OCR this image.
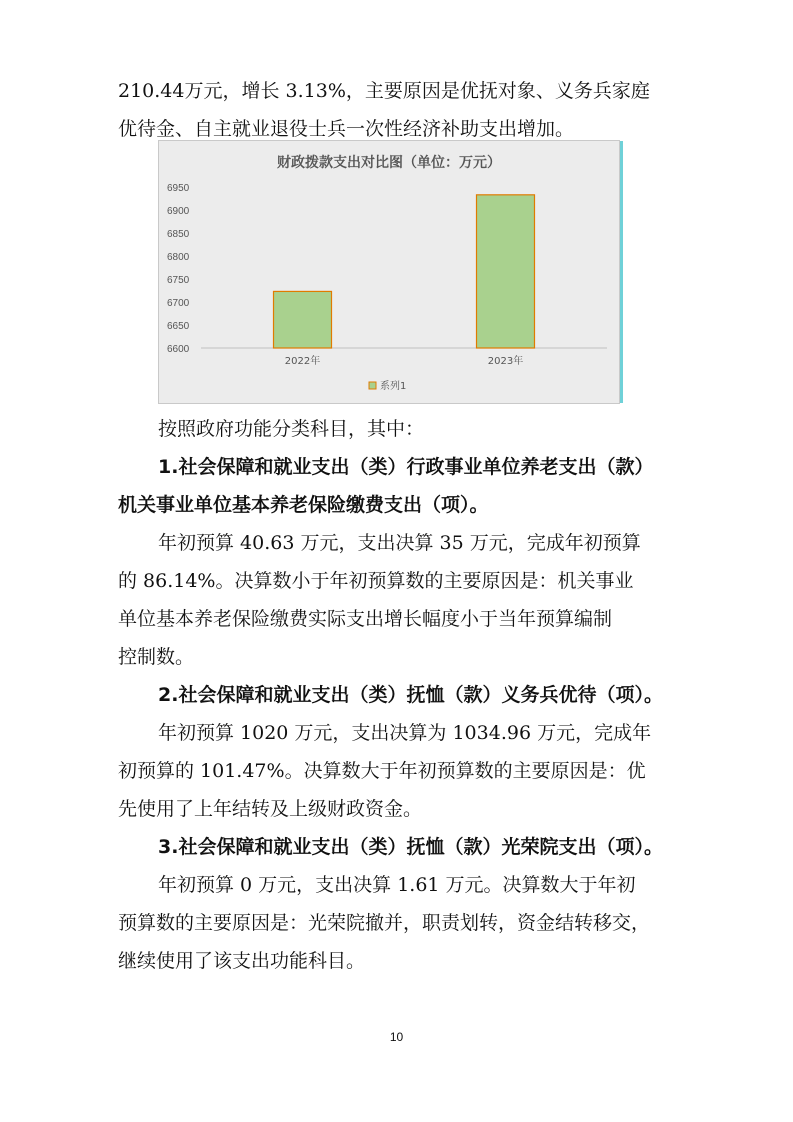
210.44万元，增长 3.13%，主要原因是优抚对象、义务兵家庭
优待金、自主就业退役士兵一次性经济补助支出增加。
财政拨款支出对比图（单位：万元）
6600
6650
6700
6750
6800
6850
6900
6950
2022年	2023年
系列1
按照政府功能分类科目，其中：
1.社会保障和就业支出（类）行政事业单位养老支出（款）
机关事业单位基本养老保险缴费支出（项）。
年初预算 40.63 万元，支出决算 35 万元，完成年初预算
的 86.14%。决算数小于年初预算数的主要原因是：机关事业
单位基本养老保险缴费实际支出增长幅度小于当年预算编制
控制数。
2.社会保障和就业支出（类）抚恤（款）义务兵优待（项）。
年初预算 1020 万元，支出决算为 1034.96 万元，完成年
初预算的 101.47%。决算数大于年初预算数的主要原因是：优
先使用了上年结转及上级财政资金。
3.社会保障和就业支出（类）抚恤（款）光荣院支出（项）。
年初预算 0 万元，支出决算 1.61 万元。决算数大于年初
预算数的主要原因是：光荣院撤并，职责划转，资金结转移交，
继续使用了该支出功能科目。
10
